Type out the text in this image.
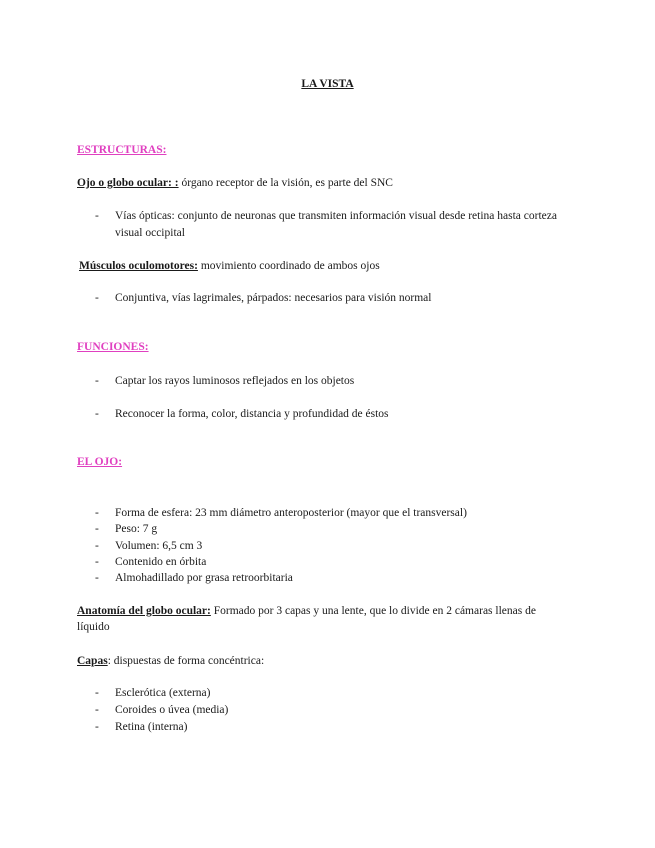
LA VISTA
ESTRUCTURAS:
Ojo o globo ocular: : órgano receptor de la visión, es parte del SNC
- Vías ópticas: conjunto de neuronas que transmiten información visual desde retina hasta corteza visual occipital
Músculos oculomotores: movimiento coordinado de ambos ojos
- Conjuntiva, vías lagrimales, párpados: necesarios para visión normal
FUNCIONES:
- Captar los rayos luminosos reflejados en los objetos
- Reconocer la forma, color, distancia y profundidad de éstos
EL OJO:
- Forma de esfera: 23 mm diámetro anteroposterior (mayor que el transversal)
- Peso: 7 g
- Volumen: 6,5 cm 3
- Contenido en órbita
- Almohadillado por grasa retroorbitaria
Anatomía del globo ocular: Formado por 3 capas y una lente, que lo divide en 2 cámaras llenas de líquido
Capas: dispuestas de forma concéntrica:
- Esclerótica (externa)
- Coroides o úvea (media)
- Retina (interna)
